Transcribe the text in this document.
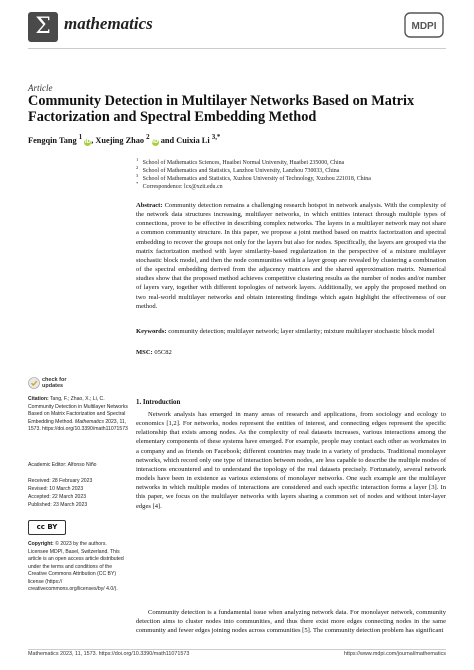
Σ mathematics	MDPI
Article
Community Detection in Multilayer Networks Based on Matrix Factorization and Spectral Embedding Method
Fengqin Tang $^1$ iD, Xuejing Zhao $^2$ iD and Cuixia Li $^{3,*}$
$^1$   School of Mathematics Sciences, Huaibei Normal University, Huaibei 235000, China
$^2$   School of Mathematics and Statistics, Lanzhou University, Lanzhou 730033, China
$^3$   School of Mathematics and Statistics, Xuzhou University of Technology, Xuzhou 221018, China
*   Correspondence: lcx@xzit.edu.cn
Abstract: Community detection remains a challenging research hotspot in network analysis. With the complexity of the network data structures increasing, multilayer networks, in which entities interact through multiple types of connections, prove to be effective in describing complex networks. The layers in a multilayer network may not share a common community structure. In this paper, we propose a joint method based on matrix factorization and spectral embedding to recover the groups not only for the layers but also for nodes. Specifically, the layers are grouped via the matrix factorization method with layer similarity-based regularization in the perspective of a mixture multilayer stochastic block model, and then the node communities within a layer group are revealed by clustering a combination of the spectral embedding derived from the adjacency matrices and the shared approximation matrix. Numerical studies show that the proposed method achieves competitive clustering results as the number of nodes and/or number of layers vary, together with different topologies of network layers. Additionally, we apply the proposed method on two real-world multilayer networks and obtain interesting findings which again highlight the effectiveness of our method.
Keywords: community detection; multilayer network; layer similarity; mixture multilayer stochastic block model
MSC: 05C82
check for
updates
Citation: Tang, F.; Zhao, X.; Li, C. Community Detection in Multilayer Networks Based on Matrix Factorization and Spectral Embedding Method. Mathematics 2023, 11, 1573. https://doi.org/10.3390/math11071573
Academic Editor: Alfonso Niño
Received: 28 February 2023
Revised: 10 March 2023
Accepted: 22 March 2023
Published: 23 March 2023
cc BY
Copyright: © 2023 by the authors. Licensee MDPI, Basel, Switzerland. This article is an open access article distributed under the terms and conditions of the Creative Commons Attribution (CC BY) license (https:// creativecommons.org/licenses/by/ 4.0/).
1. Introduction
Network analysis has emerged in many areas of research and applications, from sociology and ecology to economics [1,2]. For networks, nodes represent the entities of interest, and connecting edges represent the specific relationship that exists among nodes. As the complexity of real datasets increases, various interactions among the elementary components of these systems have emerged. For example, people may contact each other as workmates in a company and as friends on Facebook; different countries may trade in a variety of products. Traditional monolayer networks, which record only one type of interaction between nodes, are less capable to describe the multiple modes of interactions encountered and to understand the topology of the real datasets precisely. Fortunately, several network models have been in existence as various extensions of monolayer networks. One such example are the multilayer networks in which multiple modes of interactions are considered and each specific interaction forms a layer [3]. In this paper, we focus on the multilayer networks with layers sharing a common set of nodes and without inter-layer edges [4].
Community detection is a fundamental issue when analyzing network data. For monolayer network, community detection aims to cluster nodes into communities, and thus there exist more edges connecting nodes in the same community and fewer edges joining nodes across communities [5]. The community detection problem has significant
Mathematics 2023, 11, 1573. https://doi.org/10.3390/math11071573	https://www.mdpi.com/journal/mathematics
